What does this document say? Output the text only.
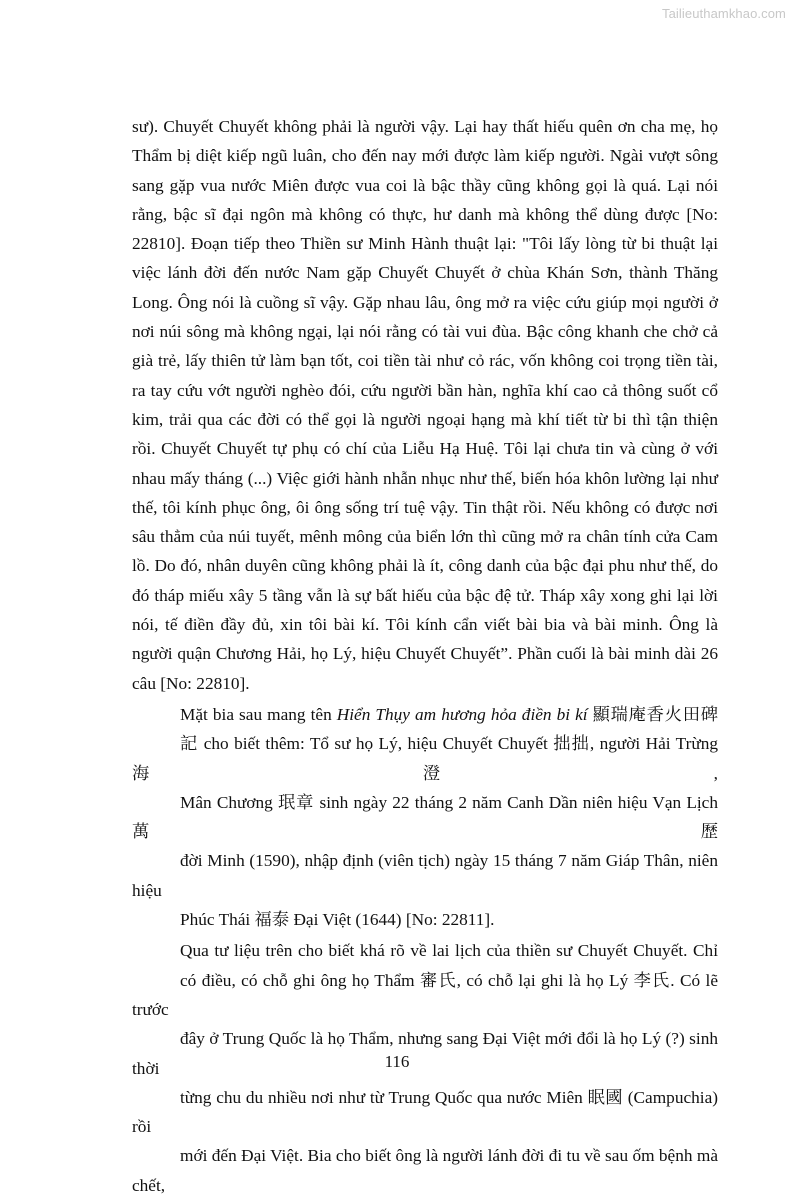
Tailieuthamkhao.com

sư). Chuyết Chuyết không phải là người vậy. Lại hay thất hiếu quên ơn cha mẹ, họ
Thẩm bị diệt kiếp ngũ luân, cho đến nay mới được làm kiếp người. Ngài vượt sông
sang gặp vua nước Miên được vua coi là bậc thầy cũng không gọi là quá. Lại nói
rằng, bậc sĩ đại ngôn mà không có thực, hư danh mà không thể dùng được [No:
22810]. Đoạn tiếp theo Thiền sư Minh Hành thuật lại: "Tôi lấy lòng từ bi thuật lại
việc lánh đời đến nước Nam gặp Chuyết Chuyết ở chùa Khán Sơn, thành Thăng
Long. Ông nói là cuồng sĩ vậy. Gặp nhau lâu, ông mở ra việc cứu giúp mọi người ở
nơi núi sông mà không ngại, lại nói rằng có tài vui đùa. Bậc công khanh che chở cả
già trẻ, lấy thiên tử làm bạn tốt, coi tiền tài như cỏ rác, vốn không coi trọng tiền tài,
ra tay cứu vớt người nghèo đói, cứu người bần hàn, nghĩa khí cao cả thông suốt cổ
kim, trải qua các đời có thể gọi là người ngoại hạng mà khí tiết từ bi thì tận thiện
rồi. Chuyết Chuyết tự phụ có chí của Liễu Hạ Huệ. Tôi lại chưa tin và cùng ở với
nhau mấy tháng (...) Việc giới hành nhẫn nhục như thế, biến hóa khôn lường lại như
thế, tôi kính phục ông, ôi ông sống trí tuệ vậy. Tin thật rồi. Nếu không có được nơi
sâu thẳm của núi tuyết, mênh mông của biển lớn thì cũng mở ra chân tính cửa Cam
lồ. Do đó, nhân duyên cũng không phải là ít, công danh của bậc đại phu như thế, do
đó tháp miếu xây 5 tầng vẫn là sự bất hiếu của bậc đệ tử. Tháp xây xong ghi lại lời
nói, tế điền đầy đủ, xin tôi bài kí. Tôi kính cẩn viết bài bia và bài minh. Ông là
người quận Chương Hải, họ Lý, hiệu Chuyết Chuyết”. Phần cuối là bài minh dài 26
câu [No: 22810].

Mặt bia sau mang tên Hiển Thụy am hương hỏa điền bi kí 顯瑞庵香火田碑
記 cho biết thêm: Tổ sư họ Lý, hiệu Chuyết Chuyết 拙拙, người Hải Trừng 海澄,
Mân Chương 珉章 sinh ngày 22 tháng 2 năm Canh Dần niên hiệu Vạn Lịch 萬歷
đời Minh (1590), nhập định (viên tịch) ngày 15 tháng 7 năm Giáp Thân, niên hiệu
Phúc Thái 福泰 Đại Việt (1644) [No: 22811].

Qua tư liệu trên cho biết khá rõ về lai lịch của thiền sư Chuyết Chuyết. Chỉ
có điều, có chỗ ghi ông họ Thẩm 審氏, có chỗ lại ghi là họ Lý 李氏. Có lẽ trước
đây ở Trung Quốc là họ Thẩm, nhưng sang Đại Việt mới đổi là họ Lý (?) sinh thời
từng chu du nhiều nơi như từ Trung Quốc qua nước Miên 眠國 (Campuchia) rồi
mới đến Đại Việt. Bia cho biết ông là người lánh đời đi tu về sau ốm bệnh mà chết,

116
